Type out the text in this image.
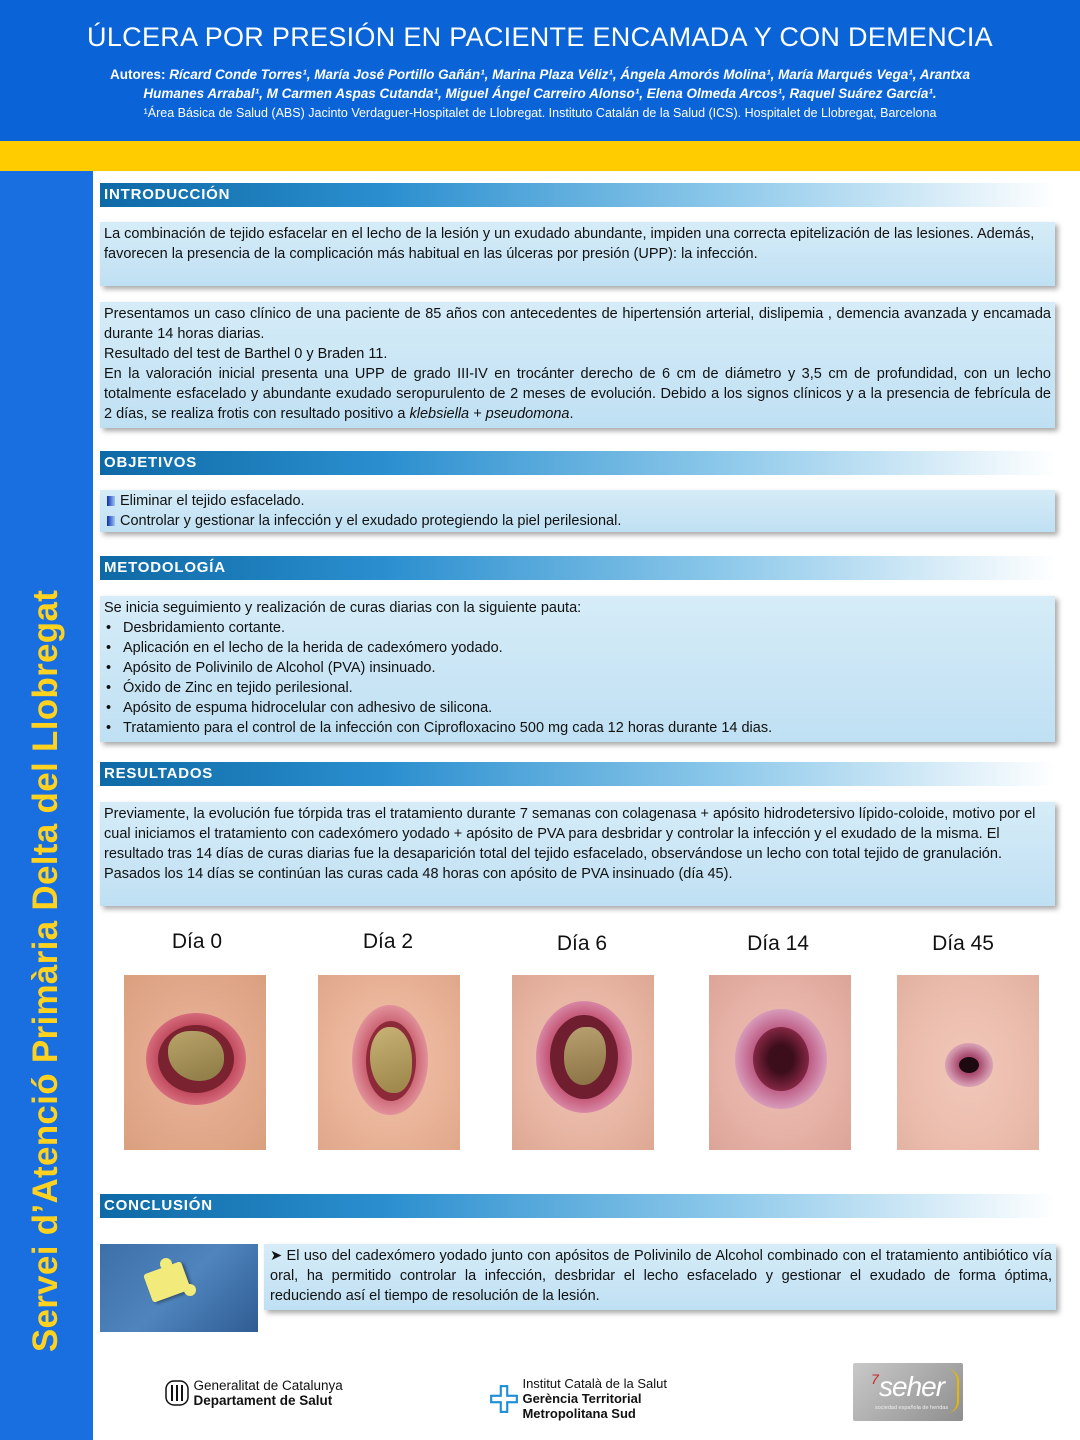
ÚLCERA POR PRESIÓN EN PACIENTE ENCAMADA Y CON DEMENCIA
Autores: Rícard Conde Torres¹, María José Portillo Gañán¹, Marina Plaza Véliz¹, Ángela Amorós Molina¹, María Marqués Vega¹, Arantxa
Humanes Arrabal¹, M Carmen Aspas Cutanda¹, Miguel Ángel Carreiro Alonso¹, Elena Olmeda Arcos¹, Raquel Suárez García¹.
¹Área Básica de Salud (ABS) Jacinto Verdaguer-Hospitalet de Llobregat. Instituto Catalán de la Salud (ICS). Hospitalet de Llobregat, Barcelona
Servei d’Atenció Primària Delta del Llobregat
INTRODUCCIÓN
La combinación de tejido esfacelar en el lecho de la lesión y un exudado abundante, impiden una correcta epitelización de las lesiones. Además, favorecen la presencia de la complicación más habitual en las úlceras por presión (UPP): la infección.
Presentamos un caso clínico de una paciente de 85 años con antecedentes de hipertensión arterial, dislipemia , demencia avanzada y encamada durante 14 horas diarias.
Resultado del test de Barthel 0 y Braden 11.
En la valoración inicial presenta una UPP de grado III-IV en trocánter derecho de 6 cm de diámetro y 3,5 cm de profundidad, con un lecho totalmente esfacelado y abundante exudado seropurulento de 2 meses de evolución. Debido a los signos clínicos y a la presencia de febrícula de 2 días, se realiza frotis con resultado positivo a klebsiella + pseudomona.
OBJETIVOS
Eliminar el tejido esfacelado.
Controlar y gestionar la infección y el exudado protegiendo la piel perilesional.
METODOLOGÍA
Se inicia seguimiento y realización de curas diarias con la siguiente pauta:
• Desbridamiento cortante.
• Aplicación en el lecho de la herida de cadexómero yodado.
• Apósito de Polivinilo de Alcohol (PVA) insinuado.
• Óxido de Zinc en tejido perilesional.
• Apósito de espuma hidrocelular con adhesivo de silicona.
• Tratamiento para el control de la infección con Ciprofloxacino 500 mg cada 12 horas durante 14 dias.
RESULTADOS
Previamente, la evolución fue tórpida tras el tratamiento durante 7 semanas con colagenasa + apósito hidrodetersivo lípido-coloide, motivo por el cual iniciamos el tratamiento con cadexómero yodado + apósito de PVA para desbridar y controlar la infección y el exudado de la misma. El resultado tras 14 días de curas diarias fue la desaparición total del tejido esfacelado, observándose un lecho con total tejido de granulación.
Pasados los 14 días se continúan las curas cada 48 horas con apósito de PVA insinuado (día 45).
Día 0	Día 2	Día 6	Día 14	Día 45
CONCLUSIÓN
➤ El uso del cadexómero yodado junto con apósitos de Polivinilo de Alcohol combinado con el tratamiento antibiótico vía oral, ha permitido controlar la infección, desbridar el lecho esfacelado y gestionar el exudado de forma óptima, reduciendo así el tiempo de resolución de la lesión.
Generalitat de Catalunya
Departament de Salut
Institut Català de la Salut
Gerència Territorial
Metropolitana Sud
7 seher
sociedad española de heridas
